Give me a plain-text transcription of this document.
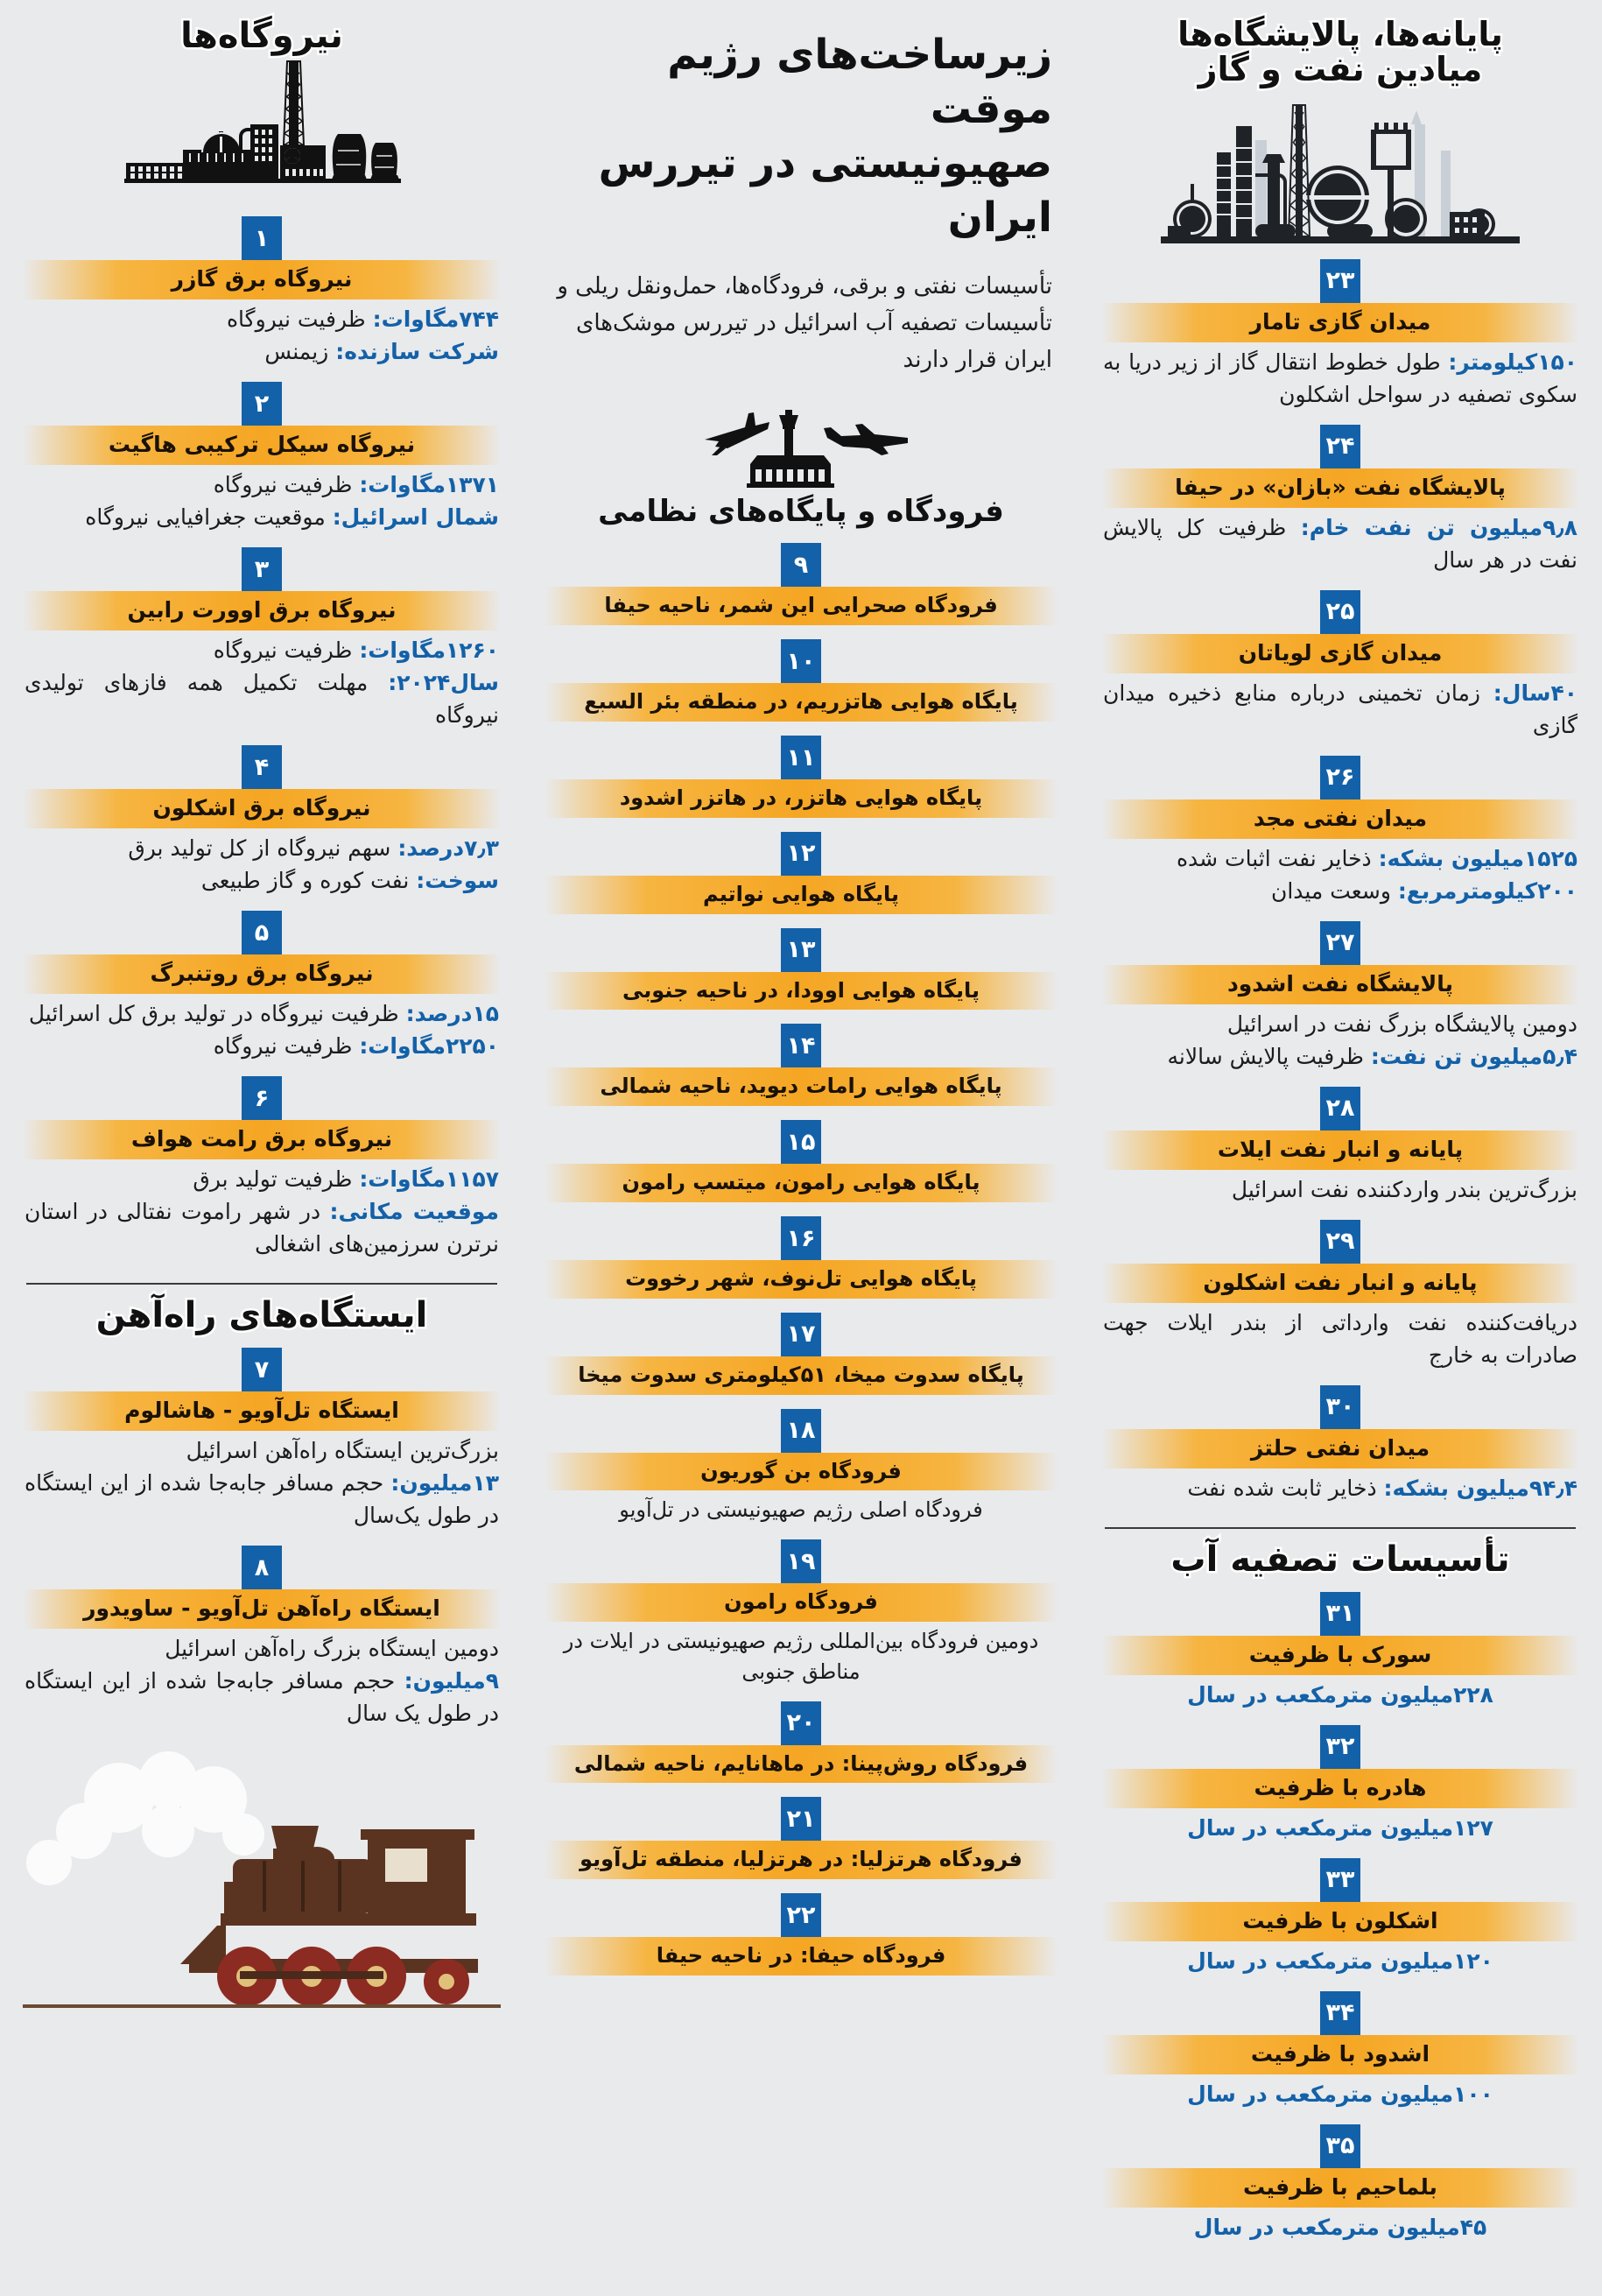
نیروگاه‌ها
۱
نیروگاه برق گازر
۷۴۴مگاوات: ظرفیت نیروگاه
شرکت سازنده: زیمنس
۲
نیروگاه سیکل ترکیبی هاگیت
۱۳۷۱مگاوات: ظرفیت نیروگاه
شمال اسرائیل: موقعیت جغرافیایی نیروگاه
۳
نیروگاه برق اوورت رابین
۱۲۶۰مگاوات: ظرفیت نیروگاه
سال۲۰۲۴: مهلت تکمیل همه فازهای تولیدی نیروگاه
۴
نیروگاه برق اشکلون
۷٫۳درصد: سهم نیروگاه از کل تولید برق
سوخت: نفت کوره و گاز طبیعی
۵
نیروگاه برق روتنبرگ
۱۵درصد: ظرفیت نیروگاه در تولید برق کل اسرائیل
۲۲۵۰مگاوات: ظرفیت نیروگاه
۶
نیروگاه برق رامت هواف
۱۱۵۷مگاوات: ظرفیت تولید برق
موقعیت مکانی: در شهر راموت نفتالی در استان نرترن سرزمین‌های اشغالی
ایستگاه‌های راه‌آهن
۷
ایستگاه تل‌آویو - هاشالوم
بزرگ‌ترین ایستگاه راه‌آهن اسرائیل
۱۳میلیون: حجم مسافر جابه‌جا شده از این ایستگاه در طول یک‌سال
۸
ایستگاه راه‌آهن تل‌آویو - ساویدور
دومین ایستگاه بزرگ راه‌آهن اسرائیل
۹میلیون: حجم مسافر جابه‌جا شده از این ایستگاه در طول یک سال
زیرساخت‌های رژیم موقت
صهیونیستی در تیررس ایران
تأسیسات نفتی و برقی، فرودگاه‌ها، حمل‌ونقل ریلی و تأسیسات تصفیه آب اسرائیل در تیررس موشک‌های ایران قرار دارند
فرودگاه و پایگاه‌های نظامی
۹
فرودگاه صحرایی این شمر، ناحیه حیفا
۱۰
پایگاه هوایی هاتزریم، در منطقه بئر السبع
۱۱
پایگاه هوایی هاتزر، در هاتزر اشدود
۱۲
پایگاه هوایی نواتیم
۱۳
پایگاه هوایی اوودا، در ناحیه جنوبی
۱۴
پایگاه هوایی رامات دیوید، ناحیه شمالی
۱۵
پایگاه هوایی رامون، میتسپ رامون
۱۶
پایگاه هوایی تل‌نوف، شهر رخووت
۱۷
پایگاه سدوت میخا، ۵۱کیلومتری سدوت میخا
۱۸
فرودگاه بن گوریون
فرودگاه اصلی رژیم صهیونیستی در تل‌آویو
۱۹
فرودگاه رامون
دومین فرودگاه بین‌المللی رژیم صهیونیستی در ایلات در مناطق جنوبی
۲۰
فرودگاه روش‌پینا: در ماهانایم، ناحیه شمالی
۲۱
فرودگاه هرتزلیا: در هرتزلیا، منطقه تل‌آویو
۲۲
فرودگاه حیفا: در ناحیه حیفا
پایانه‌ها، پالایشگاه‌ها
میادین نفت و گاز
۲۳
میدان گازی تامار
۱۵۰کیلومتر: طول خطوط انتقال گاز از زیر دریا به سکوی تصفیه در سواحل اشکلون
۲۴
پالایشگاه نفت «بازان» در حیفا
۹٫۸میلیون تن نفت خام: ظرفیت کل پالایش نفت در هر سال
۲۵
میدان گازی لویاتان
۴۰سال: زمان تخمینی درباره منابع ذخیره میدان گازی
۲۶
میدان نفتی مجد
۱۵۲۵میلیون بشکه: ذخایر نفت اثبات شده
۲۰۰کیلومترمربع: وسعت میدان
۲۷
پالایشگاه نفت اشدود
دومین پالایشگاه بزرگ نفت در اسرائیل
۵٫۴میلیون تن نفت: ظرفیت پالایش سالانه
۲۸
پایانه و انبار نفت ایلات
بزرگ‌ترین بندر واردکننده نفت اسرائیل
۲۹
پایانه و انبار نفت اشکلون
دریافت‌کننده نفت وارداتی از بندر ایلات جهت صادرات به خارج
۳۰
میدان نفتی حلتز
۹۴٫۴میلیون بشکه: ذخایر ثابت شده نفت
تأسیسات تصفیه آب
۳۱
سورک با ظرفیت
۲۲۸میلیون مترمکعب در سال
۳۲
هادره با ظرفیت
۱۲۷میلیون مترمکعب در سال
۳۳
اشکلون با ظرفیت
۱۲۰میلیون مترمکعب در سال
۳۴
اشدود با ظرفیت
۱۰۰میلیون مترمکعب در سال
۳۵
بلماحیم با ظرفیت
۴۵میلیون مترمکعب در سال
